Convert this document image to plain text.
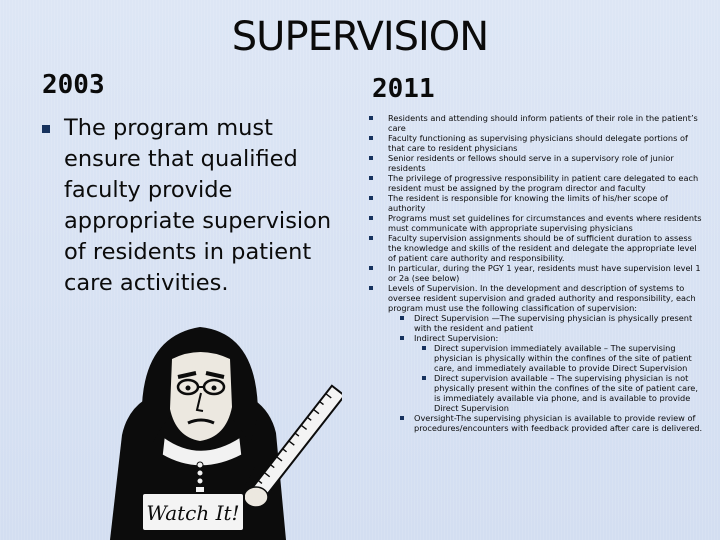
SUPERVISION
2003	2011
The program must ensure that qualified faculty provide appropriate supervision of residents in patient care activities.
Watch It!
Residents and attending should inform patients of their role in the patient’s care
Faculty functioning as supervising physicians should delegate portions of that care to resident physicians
Senior residents or fellows should serve in a supervisory role of junior residents
The privilege of progressive responsibility in patient care delegated to each resident must be assigned by the program director and faculty
The resident is responsible for knowing the limits of his/her scope of authority
Programs must set guidelines for circumstances and events where residents must communicate with appropriate supervising physicians
Faculty supervision assignments should be of sufficient duration to assess the knowledge and skills of the resident and delegate the appropriate level of patient care authority and responsibility.
In particular, during the PGY 1 year, residents must have supervision level 1 or 2a (see below)
Levels of Supervision. In the development and description of systems to oversee resident supervision and graded authority and responsibility, each program must use the following classification of supervision:
Direct Supervision —The supervising physician is physically present with the resident and patient
Indirect Supervision:
Direct supervision immediately available – The supervising physician is physically within the confines of the site of patient care, and immediately available to provide Direct Supervision
Direct supervision available – The supervising physician is not physically present within the confines of the site of patient care, is immediately available via phone, and is available to provide Direct Supervision
Oversight-The supervising physician is available to provide review of procedures/encounters with feedback provided after care is delivered.
